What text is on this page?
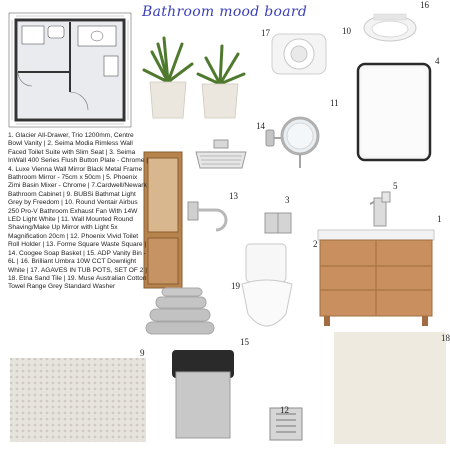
Bathroom mood board
1. Glacier All-Drawer, Trio 1200mm, Centre Bowl Vanity | 2. Seima Modia Rimless Wall Faced Toilet Suite with Slim Seat | 3. Seima InWall 400 Series Flush Button Plate - Chrome | 4. Luxe Vienna Wall Mirror Black Metal Frame Bathroom Mirror - 75cm x 50cm | 5. Phoenix Zimi Basin Mixer - Chrome | 7.Cardwell/Newark Bathroom Cabinet | 9. BUBSi Bathmat Light Grey by Freedom | 10. Round Ventair Airbus 250 Pro-V Bathroom Exhaust Fan With 14W LED Light White | 11. Wall Mounted Round Shaving/Make Up Mirror with Light 5x Magnification 20cm | 12. Phoenix Vivid Toilet Roll Holder | 13. Forme Square Waste Square | 14. Coogee Soap Basket | 15. ADP Vanity Bin - 6L | 16. Brilliant Umbra 10W CCT Downlight White | 17. AGAVES IN TUB POTS, SET OF 2 | 18. Etna Sand Tile | 19. Muse Australian Cotton Towel Range Grey Standard Washer
16
10
17
4
11
14
13
5
3
1
2
19
18
15
9
12
